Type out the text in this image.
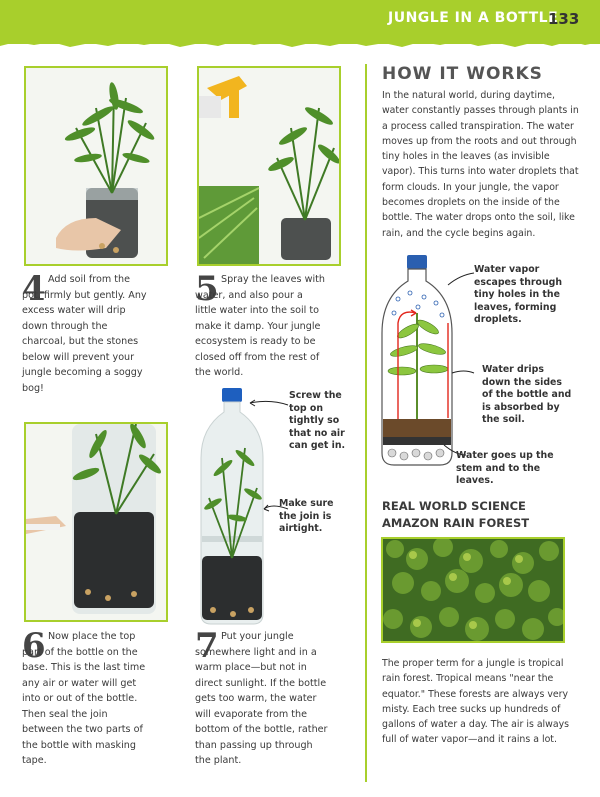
JUNGLE IN A BOTTLE
133
4 Add soil from the pot, firmly but gently. Any excess water will drip down through the charcoal, but the stones below will prevent your jungle becoming a soggy bog!
5 Spray the leaves with water, and also pour a little water into the soil to make it damp. Your jungle ecosystem is ready to be closed off from the rest of the world.
Screw the top on tightly so that no air can get in.
Make sure the join is airtight.
6 Now place the top part of the bottle on the base. This is the last time any air or water will get into or out of the bottle. Then seal the join between the two parts of the bottle with masking tape.
7 Put your jungle somewhere light and in a warm place—but not in direct sunlight. If the bottle gets too warm, the water will evaporate from the bottom of the bottle, rather than passing up through the plant.
HOW IT WORKS
In the natural world, during daytime, water constantly passes through plants in a process called transpiration. The water moves up from the roots and out through tiny holes in the leaves (as invisible vapor). This turns into water droplets that form clouds. In your jungle, the vapor becomes droplets on the inside of the bottle. The water drops onto the soil, like rain, and the cycle begins again.
Water vapor escapes through tiny holes in the leaves, forming droplets.
Water drips down the sides of the bottle and is absorbed by the soil.
Water goes up the stem and to the leaves.
REAL WORLD SCIENCE
AMAZON RAIN FOREST
The proper term for a jungle is tropical rain forest. Tropical means "near the equator." These forests are always very misty. Each tree sucks up hundreds of gallons of water a day. The air is always full of water vapor—and it rains a lot.
